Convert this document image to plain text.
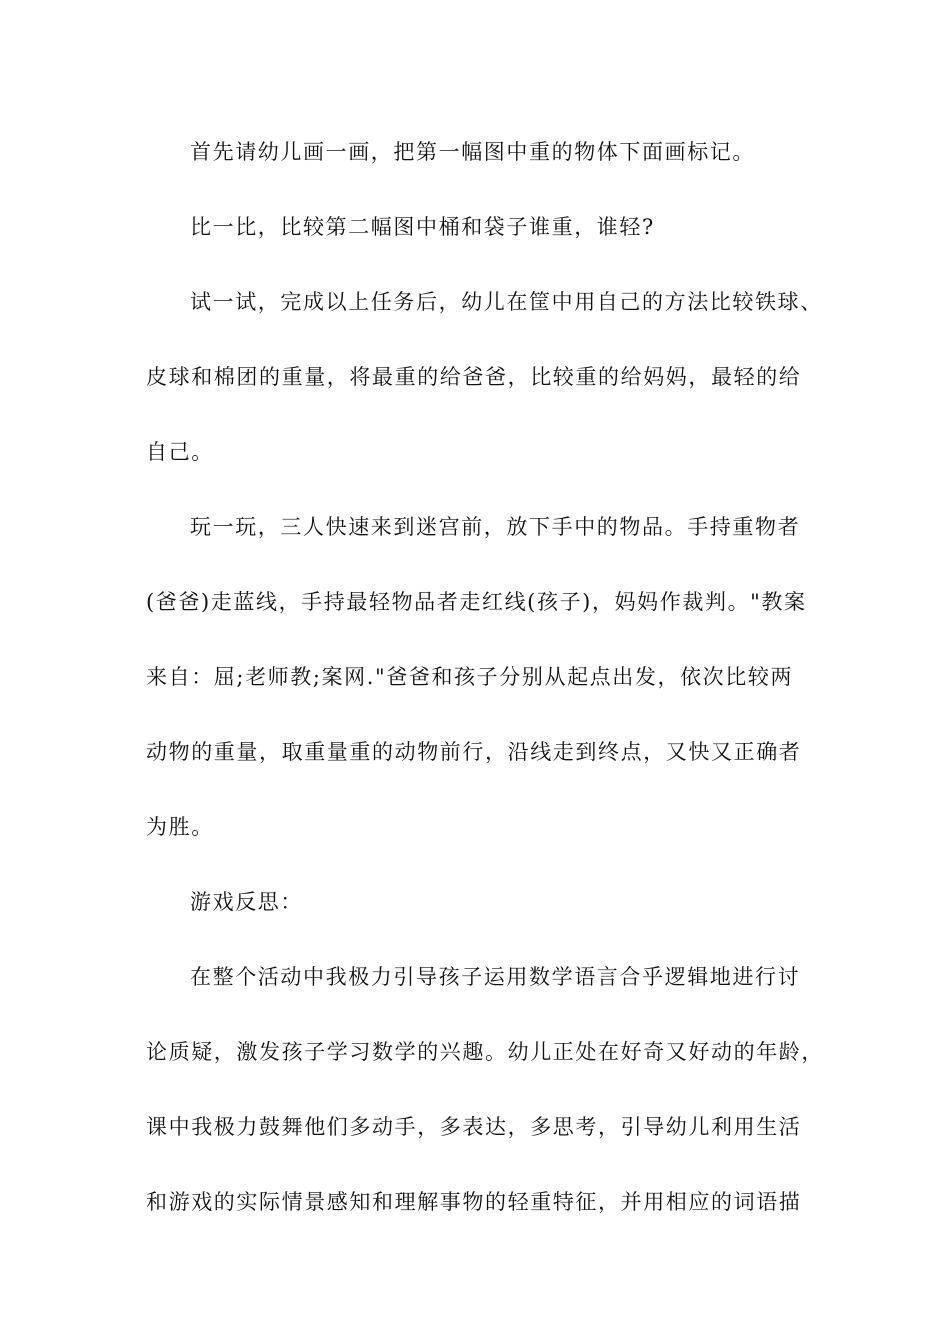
首先请幼儿画一画，把第一幅图中重的物体下面画标记。
比一比，比较第二幅图中桶和袋子谁重，谁轻?
试一试，完成以上任务后，幼儿在筐中用自己的方法比较铁球、
皮球和棉团的重量，将最重的给爸爸，比较重的给妈妈，最轻的给
自己。
玩一玩，三人快速来到迷宫前，放下手中的物品。手持重物者
(爸爸)走蓝线，手持最轻物品者走红线(孩子)，妈妈作裁判。"教案
来自：屈;老师教;案网."爸爸和孩子分别从起点出发，依次比较两
动物的重量，取重量重的动物前行，沿线走到终点，又快又正确者
为胜。
游戏反思：
在整个活动中我极力引导孩子运用数学语言合乎逻辑地进行讨
论质疑，激发孩子学习数学的兴趣。幼儿正处在好奇又好动的年龄，
课中我极力鼓舞他们多动手，多表达，多思考，引导幼儿利用生活
和游戏的实际情景感知和理解事物的轻重特征，并用相应的词语描
